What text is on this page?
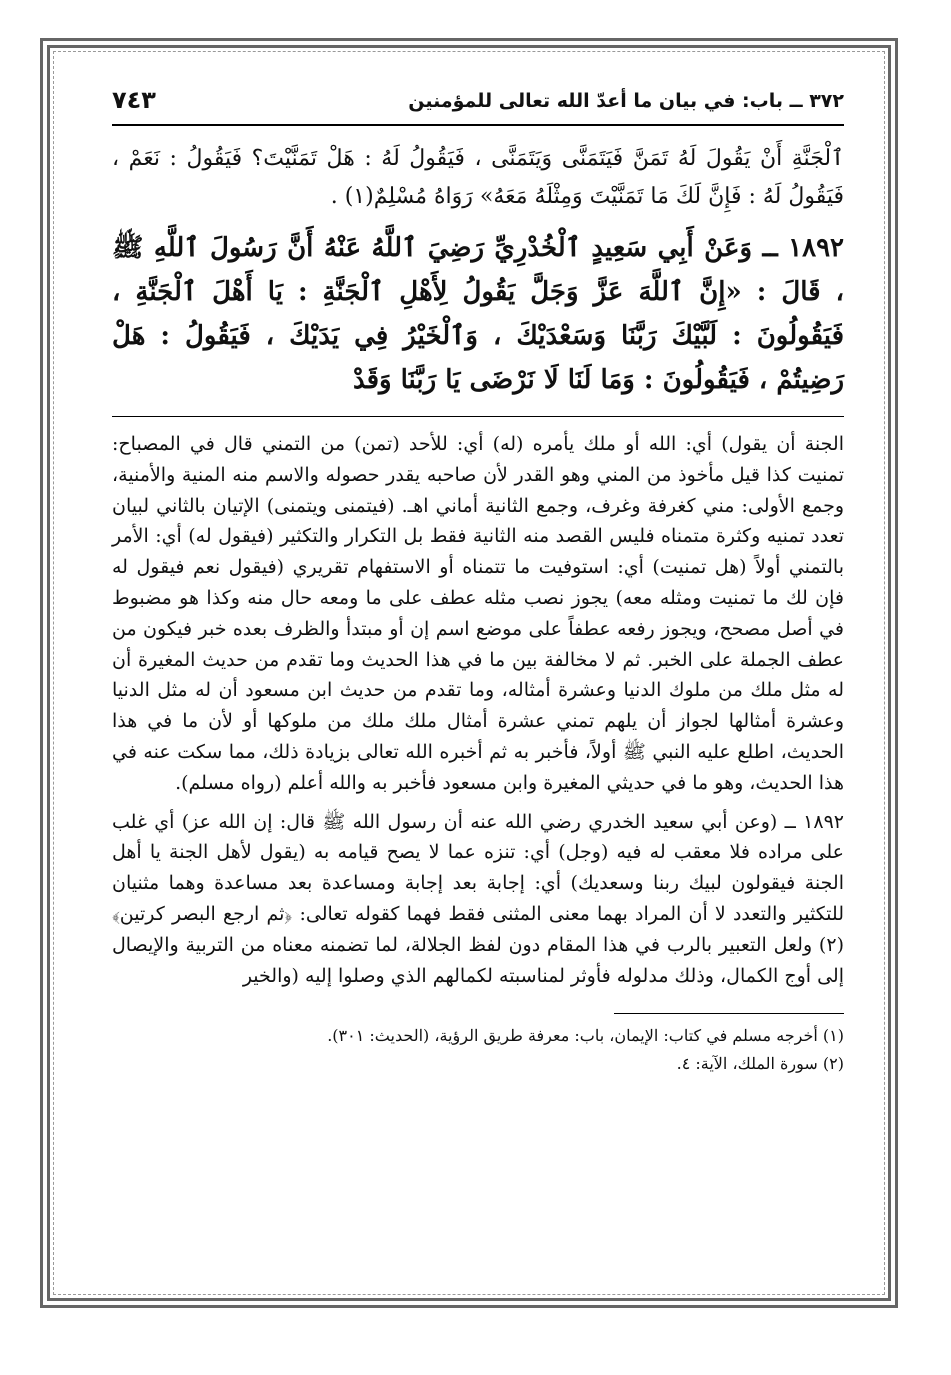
٣٧٢ ــ باب: في بيان ما أعدّ الله تعالى للمؤمنين
٧٤٣
ٱلْجَنَّةِ أَنْ يَقُولَ لَهُ تَمَنَّ فَيَتَمَنَّى وَيَتَمَنَّى ، فَيَقُولُ لَهُ : هَلْ تَمَنَّيْتَ؟ فَيَقُولُ : نَعَمْ ، فَيَقُولُ لَهُ : فَإِنَّ لَكَ مَا تَمَنَّيْتَ وَمِثْلَهُ مَعَهُ» رَوَاهُ مُسْلِمٌ(١) .
١٨٩٢ ــ وَعَنْ أَبِي سَعِيدٍ ٱلْخُدْرِيِّ رَضِيَ ٱللَّهُ عَنْهُ أَنَّ رَسُولَ ٱللَّهِ ﷺ ، قَالَ : «إِنَّ ٱللَّهَ عَزَّ وَجَلَّ يَقُولُ لِأَهْلِ ٱلْجَنَّةِ : يَا أَهْلَ ٱلْجَنَّةِ ، فَيَقُولُونَ : لَبَّيْكَ رَبَّنَا وَسَعْدَيْكَ ، وَٱلْخَيْرُ فِي يَدَيْكَ ، فَيَقُولُ : هَلْ رَضِيتُمْ ، فَيَقُولُونَ : وَمَا لَنَا لَا نَرْضَى يَا رَبَّنَا وَقَدْ

الجنة أن يقول) أي: الله أو ملك يأمره (له) أي: للأحد (تمن) من التمني قال في المصباح: تمنيت كذا قيل مأخوذ من المني وهو القدر لأن صاحبه يقدر حصوله والاسم منه المنية والأمنية، وجمع الأولى: مني كغرفة وغرف، وجمع الثانية أماني اهـ. (فيتمنى ويتمنى) الإتيان بالثاني لبيان تعدد تمنيه وكثرة متمناه فليس القصد منه الثانية فقط بل التكرار والتكثير (فيقول له) أي: الأمر بالتمني أولاً (هل تمنيت) أي: استوفيت ما تتمناه أو الاستفهام تقريري (فيقول نعم فيقول له فإن لك ما تمنيت ومثله معه) يجوز نصب مثله عطف على ما ومعه حال منه وكذا هو مضبوط في أصل مصحح، ويجوز رفعه عطفاً على موضع اسم إن أو مبتدأ والظرف بعده خبر فيكون من عطف الجملة على الخبر. ثم لا مخالفة بين ما في هذا الحديث وما تقدم من حديث المغيرة أن له مثل ملك من ملوك الدنيا وعشرة أمثاله، وما تقدم من حديث ابن مسعود أن له مثل الدنيا وعشرة أمثالها لجواز أن يلهم تمني عشرة أمثال ملك ملك من ملوكها أو لأن ما في هذا الحديث، اطلع عليه النبي ﷺ أولاً، فأخبر به ثم أخبره الله تعالى بزيادة ذلك، مما سكت عنه في هذا الحديث، وهو ما في حديثي المغيرة وابن مسعود فأخبر به والله أعلم (رواه مسلم).

١٨٩٢ ــ (وعن أبي سعيد الخدري رضي الله عنه أن رسول الله ﷺ قال: إن الله عز) أي غلب على مراده فلا معقب له فيه (وجل) أي: تنزه عما لا يصح قيامه به (يقول لأهل الجنة يا أهل الجنة فيقولون لبيك ربنا وسعديك) أي: إجابة بعد إجابة ومساعدة بعد مساعدة وهما مثنيان للتكثير والتعدد لا أن المراد بهما معنى المثنى فقط فهما كقوله تعالى: ﴿ثم ارجع البصر كرتين﴾(٢) ولعل التعبير بالرب في هذا المقام دون لفظ الجلالة، لما تضمنه معناه من التربية والإيصال إلى أوج الكمال، وذلك مدلوله فأوثر لمناسبته لكمالهم الذي وصلوا إليه (والخير

(١) أخرجه مسلم في كتاب: الإيمان، باب: معرفة طريق الرؤية، (الحديث: ٣٠١).
(٢) سورة الملك، الآية: ٤.
